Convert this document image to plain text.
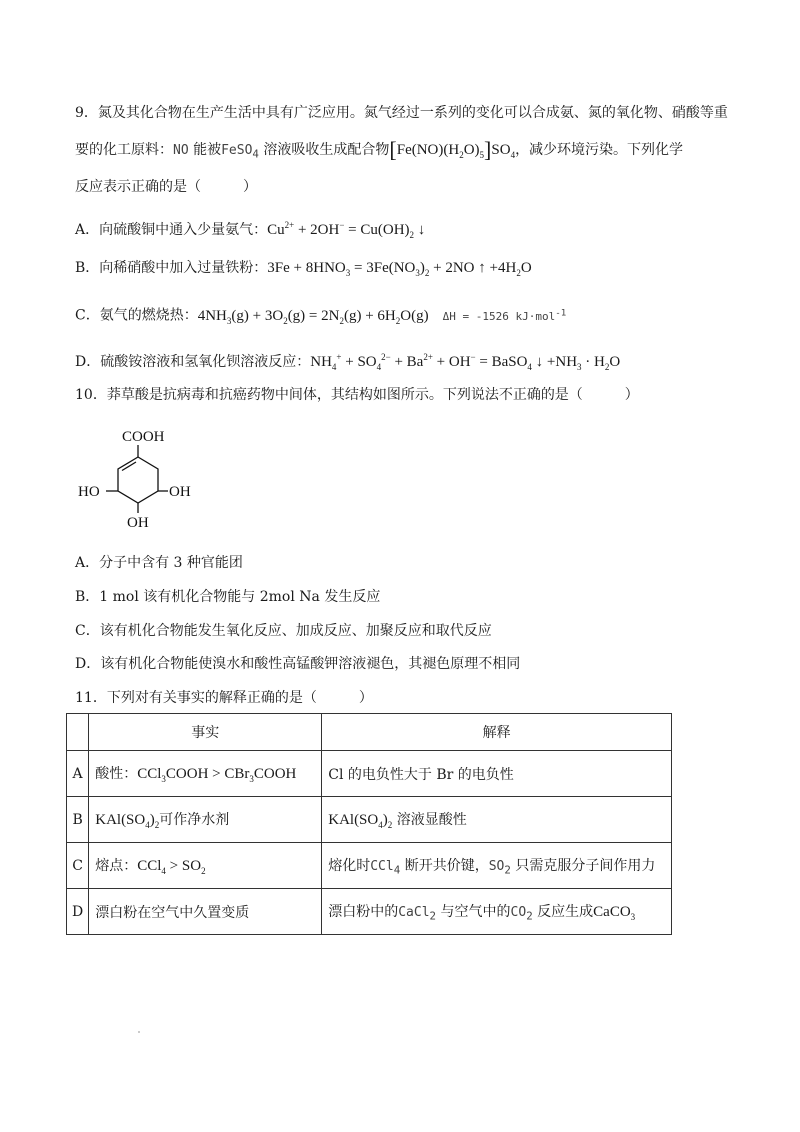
9．氮及其化合物在生产生活中具有广泛应用。氮气经过一系列的变化可以合成氨、氮的氧化物、硝酸等重
要的化工原料：NO 能被FeSO$_4$ 溶液吸收生成配合物$[Fe(NO)(H_2O)_5]SO_4$，减少环境污染。下列化学
反应表示正确的是（　　　）
A．向硫酸铜中通入少量氨气：$Cu^{2+} + 2OH^- = Cu(OH)_2$ ↓
B．向稀硝酸中加入过量铁粉：$3Fe + 8HNO_3 = 3Fe(NO_3)_2 + 2NO$ ↑ $+4H_2O$
C．氨气的燃烧热：$4NH_3(g) + 3O_2(g) = 2N_2(g) + 6H_2O(g) \Delta H = -1526$ kJ·mol$^{-1}$
D．硫酸铵溶液和氢氧化钡溶液反应：$NH_4^+ + SO_4^{2-} + Ba^{2+} + OH^-$ = BaSO$_4$ ↓ $+NH_3 \cdot H_2O$
10．莽草酸是抗病毒和抗癌药物中间体，其结构如图所示。下列说法不正确的是（　　　）
COOH
HO	OH
OH
A．分子中含有 3 种官能团
B．1 mol 该有机化合物能与 2mol Na 发生反应
C．该有机化合物能发生氧化反应、加成反应、加聚反应和取代反应
D．该有机化合物能使溴水和酸性高锰酸钾溶液褪色，其褪色原理不相同
11．下列对有关事实的解释正确的是（　　　）
	事实	解释
A	酸性：CCl$_3$COOH > CBr$_3$COOH	Cl 的电负性大于 Br 的电负性
B	$KAl(SO_4)_2$可作净水剂	$KAl(SO_4)_2$ 溶液显酸性
C	熔点：$CCl_4 > SO_2$	熔化时CCl$_4$ 断开共价键，$SO_2$ 只需克服分子间作用力
D	漂白粉在空气中久置变质	漂白粉中的CaCl$_2$ 与空气中的$CO_2$ 反应生成CaCO$_3$
